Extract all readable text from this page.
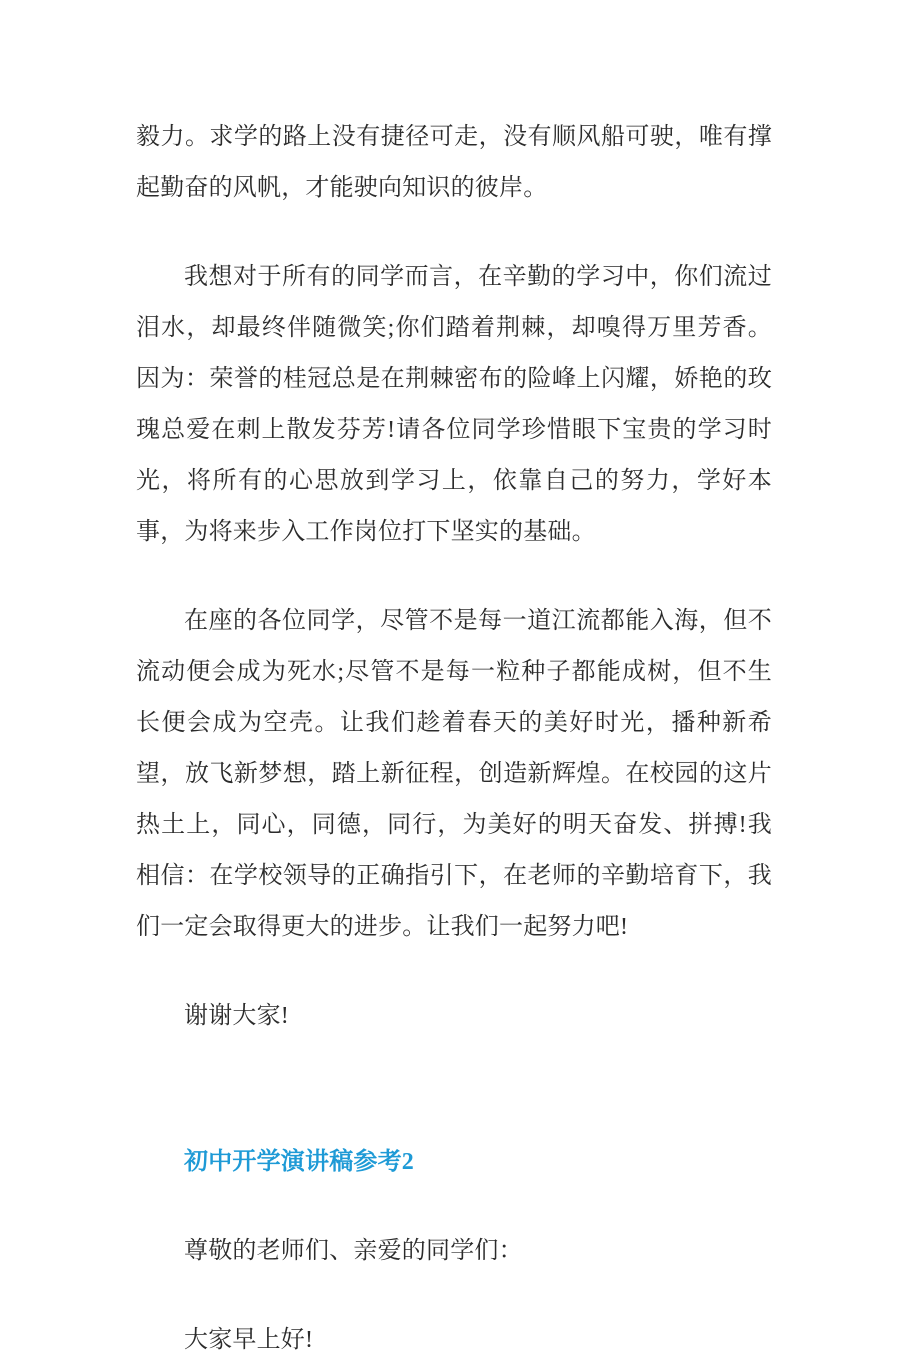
毅力。求学的路上没有捷径可走，没有顺风船可驶，唯有撑起勤奋的风帆，才能驶向知识的彼岸。

我想对于所有的同学而言，在辛勤的学习中，你们流过泪水，却最终伴随微笑;你们踏着荆棘，却嗅得万里芳香。因为：荣誉的桂冠总是在荆棘密布的险峰上闪耀，娇艳的玫瑰总爱在刺上散发芬芳!请各位同学珍惜眼下宝贵的学习时光，将所有的心思放到学习上，依靠自己的努力，学好本事，为将来步入工作岗位打下坚实的基础。

在座的各位同学，尽管不是每一道江流都能入海，但不流动便会成为死水;尽管不是每一粒种子都能成树，但不生长便会成为空壳。让我们趁着春天的美好时光，播种新希望，放飞新梦想，踏上新征程，创造新辉煌。在校园的这片热土上，同心，同德，同行，为美好的明天奋发、拼搏!我相信：在学校领导的正确指引下，在老师的辛勤培育下，我们一定会取得更大的进步。让我们一起努力吧!

谢谢大家!

初中开学演讲稿参考2

尊敬的老师们、亲爱的同学们：

大家早上好!
